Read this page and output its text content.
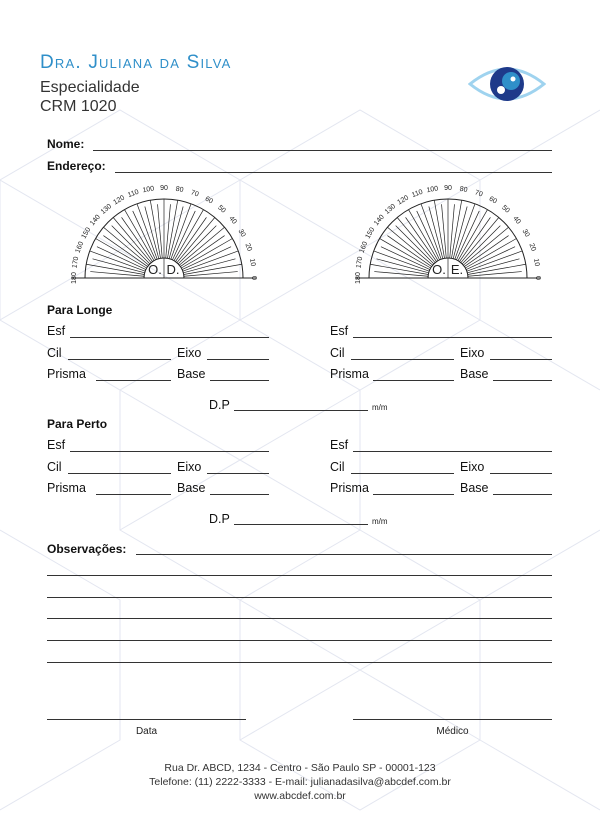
Dra. Juliana da Silva
Especialidade
CRM 1020
Nome:
Endereço:
180
170
160
150
140
130
120
110 100 90 80 70
60
50
40
30
20
10
0
O. D.
180
170
160
150
140
130
120
110 100 90 80 70
60
50
40
30
20
10
0
O. E.
Para Longe
Esf
Cil	Eixo
Prisma	Base
Esf
Cil	Eixo
Prisma	Base
D.P	m/m
Para Perto
Esf
Cil	Eixo
Prisma	Base
Esf
Cil	Eixo
Prisma	Base
D.P	m/m
Observações:
Data	Médico
Rua Dr. ABCD, 1234 - Centro - São Paulo SP - 00001-123
Telefone: (11) 2222-3333 - E-mail: julianadasilva@abcdef.com.br
www.abcdef.com.br
